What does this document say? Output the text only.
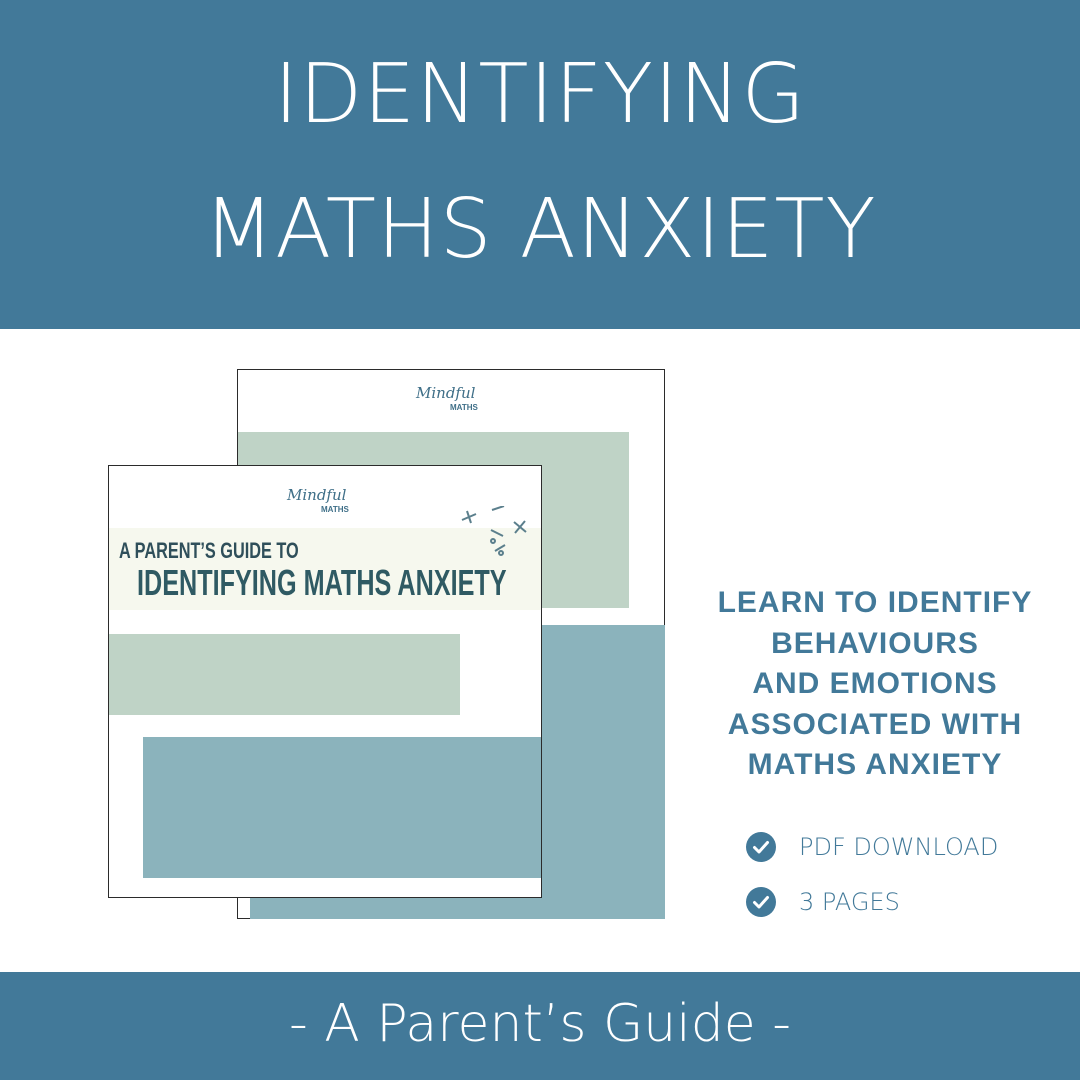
IDENTIFYING
MATHS ANXIETY
Mindful
MATHS
Mindful
MATHS
A PARENT’S GUIDE TO
IDENTIFYING MATHS ANXIETY	LEARN TO IDENTIFY
BEHAVIOURS
AND EMOTIONS
ASSOCIATED WITH
MATHS ANXIETY
PDF DOWNLOAD
3 PAGES
- A Parent’s Guide -
